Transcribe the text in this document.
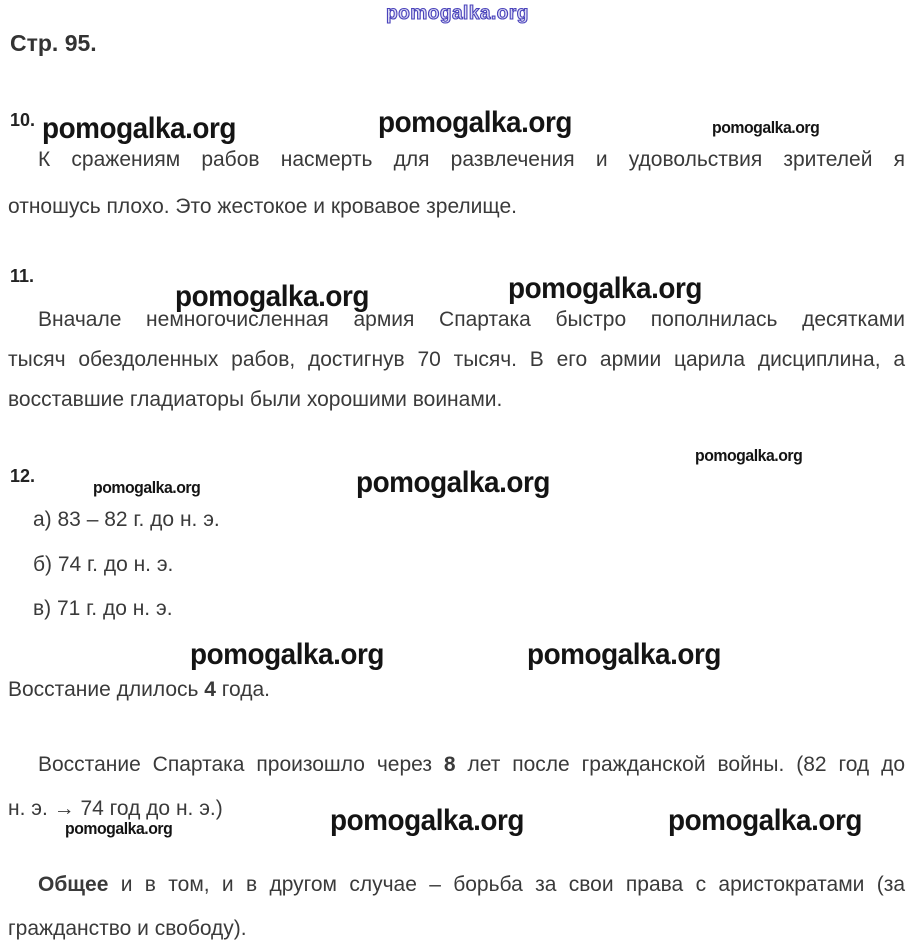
pomogalka.org
Стр. 95.
10. pomogalka.org	pomogalka.org	pomogalka.org
К сражениям рабов насмерть для развлечения и удовольствия зрителей я
отношусь плохо. Это жестокое и кровавое зрелище.
11.
pomogalka.org	pomogalka.org
Вначале немногочисленная армия Спартака быстро пополнилась десятками
тысяч обездоленных рабов, достигнув 70 тысяч. В его армии царила дисциплина, а
восставшие гладиаторы были хорошими воинами.
pomogalka.org
12.
pomogalka.org	pomogalka.org
а) 83 – 82 г. до н. э.
б) 74 г. до н. э.
в) 71 г. до н. э.
pomogalka.org	pomogalka.org
Восстание длилось 4 года.
Восстание Спартака произошло через 8 лет после гражданской войны. (82 год до
н. э. → 74 год до н. э.)
pomogalka.org	pomogalka.org	pomogalka.org
Общее и в том, и в другом случае – борьба за свои права с аристократами (за
гражданство и свободу).
